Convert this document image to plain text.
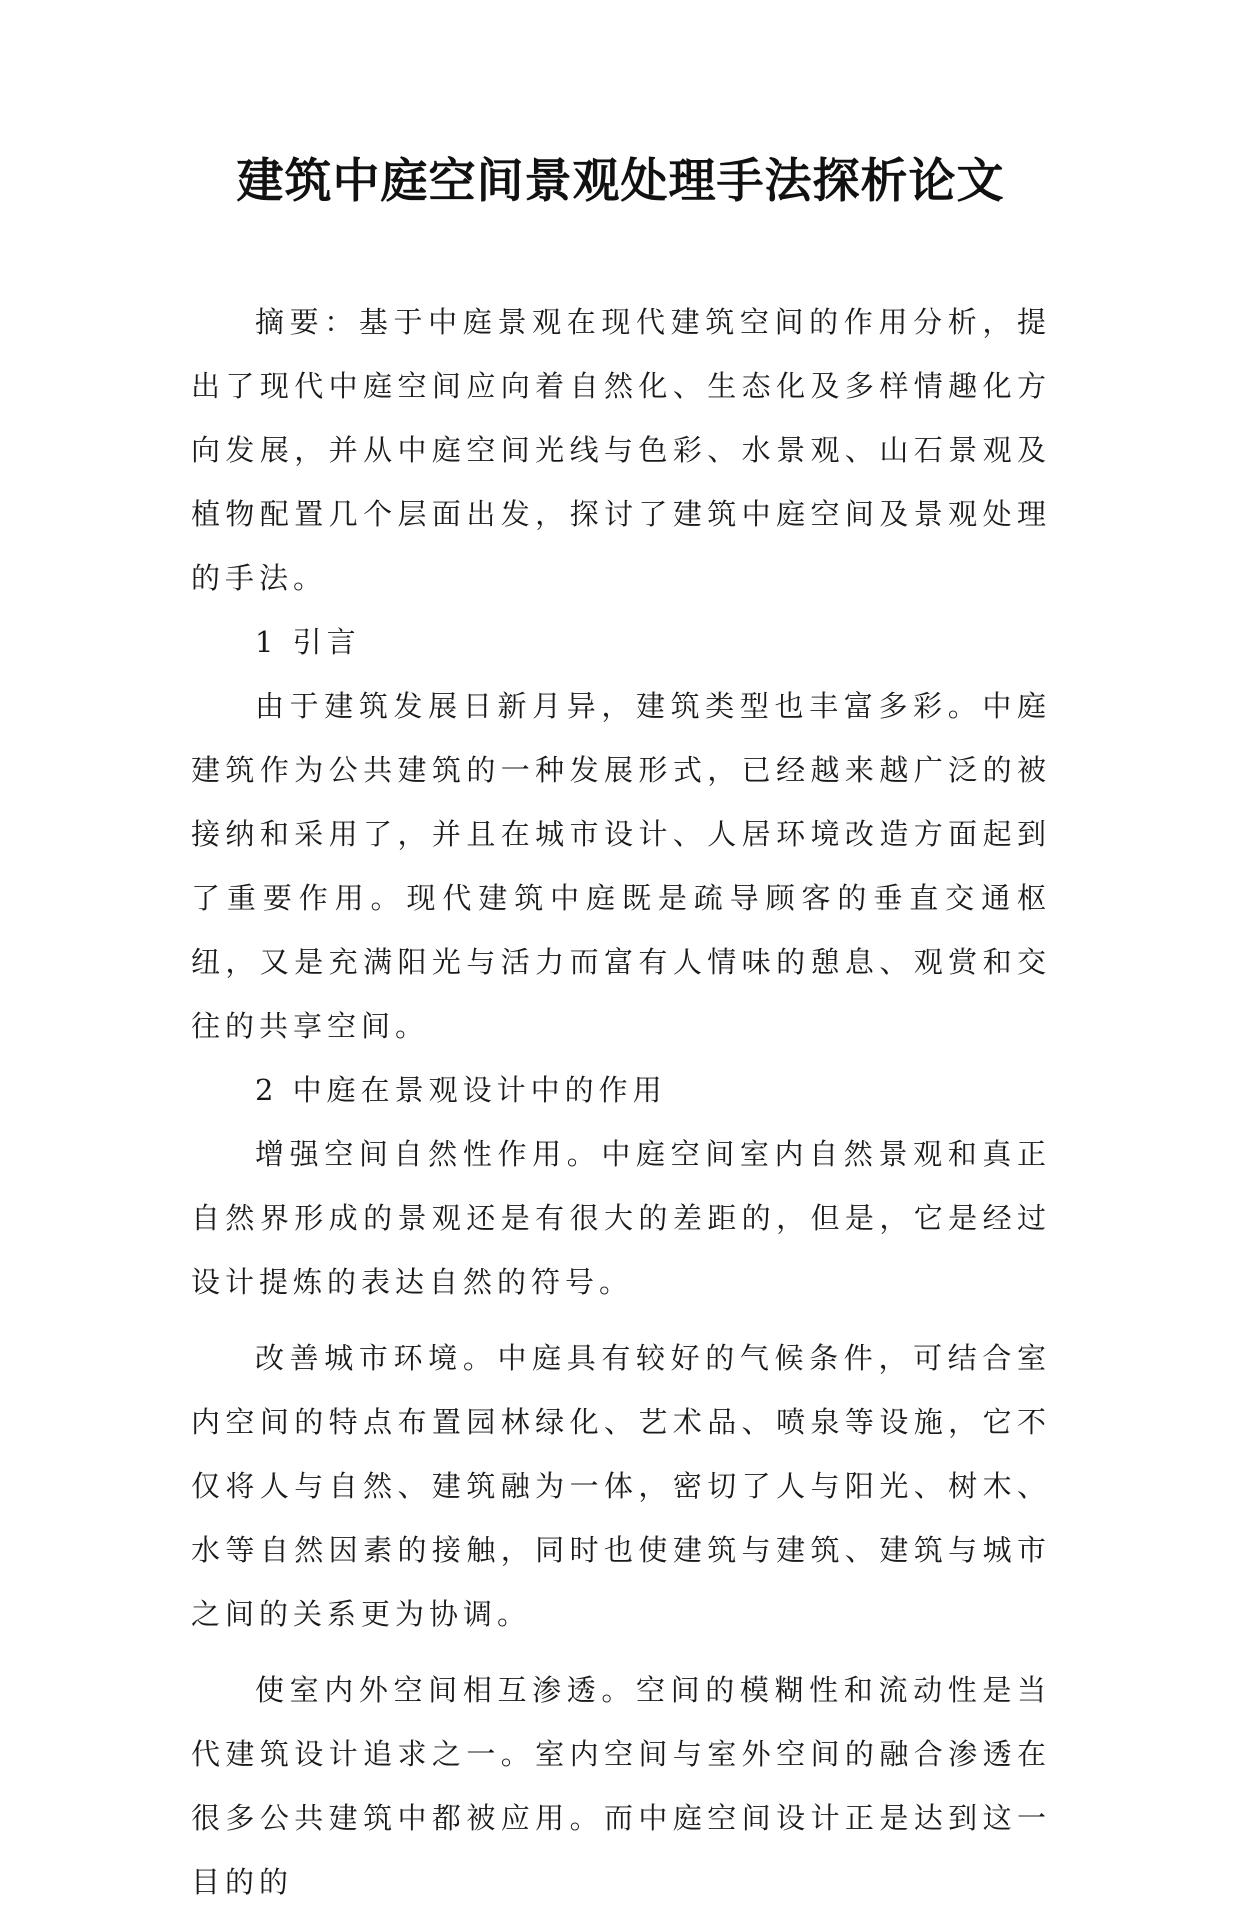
建筑中庭空间景观处理手法探析论文

摘要：基于中庭景观在现代建筑空间的作用分析，提出了现代中庭空间应向着自然化、生态化及多样情趣化方向发展，并从中庭空间光线与色彩、水景观、山石景观及植物配置几个层面出发，探讨了建筑中庭空间及景观处理的手法。

1 引言

由于建筑发展日新月异，建筑类型也丰富多彩。中庭建筑作为公共建筑的一种发展形式，已经越来越广泛的被接纳和采用了，并且在城市设计、人居环境改造方面起到了重要作用。现代建筑中庭既是疏导顾客的垂直交通枢纽，又是充满阳光与活力而富有人情味的憩息、观赏和交往的共享空间。

2 中庭在景观设计中的作用

增强空间自然性作用。中庭空间室内自然景观和真正自然界形成的景观还是有很大的差距的，但是，它是经过设计提炼的表达自然的符号。

改善城市环境。中庭具有较好的气候条件，可结合室内空间的特点布置园林绿化、艺术品、喷泉等设施，它不仅将人与自然、建筑融为一体，密切了人与阳光、树木、水等自然因素的接触，同时也使建筑与建筑、建筑与城市之间的关系更为协调。

使室内外空间相互渗透。空间的模糊性和流动性是当代建筑设计追求之一。室内空间与室外空间的融合渗透在很多公共建筑中都被应用。而中庭空间设计正是达到这一目的的
